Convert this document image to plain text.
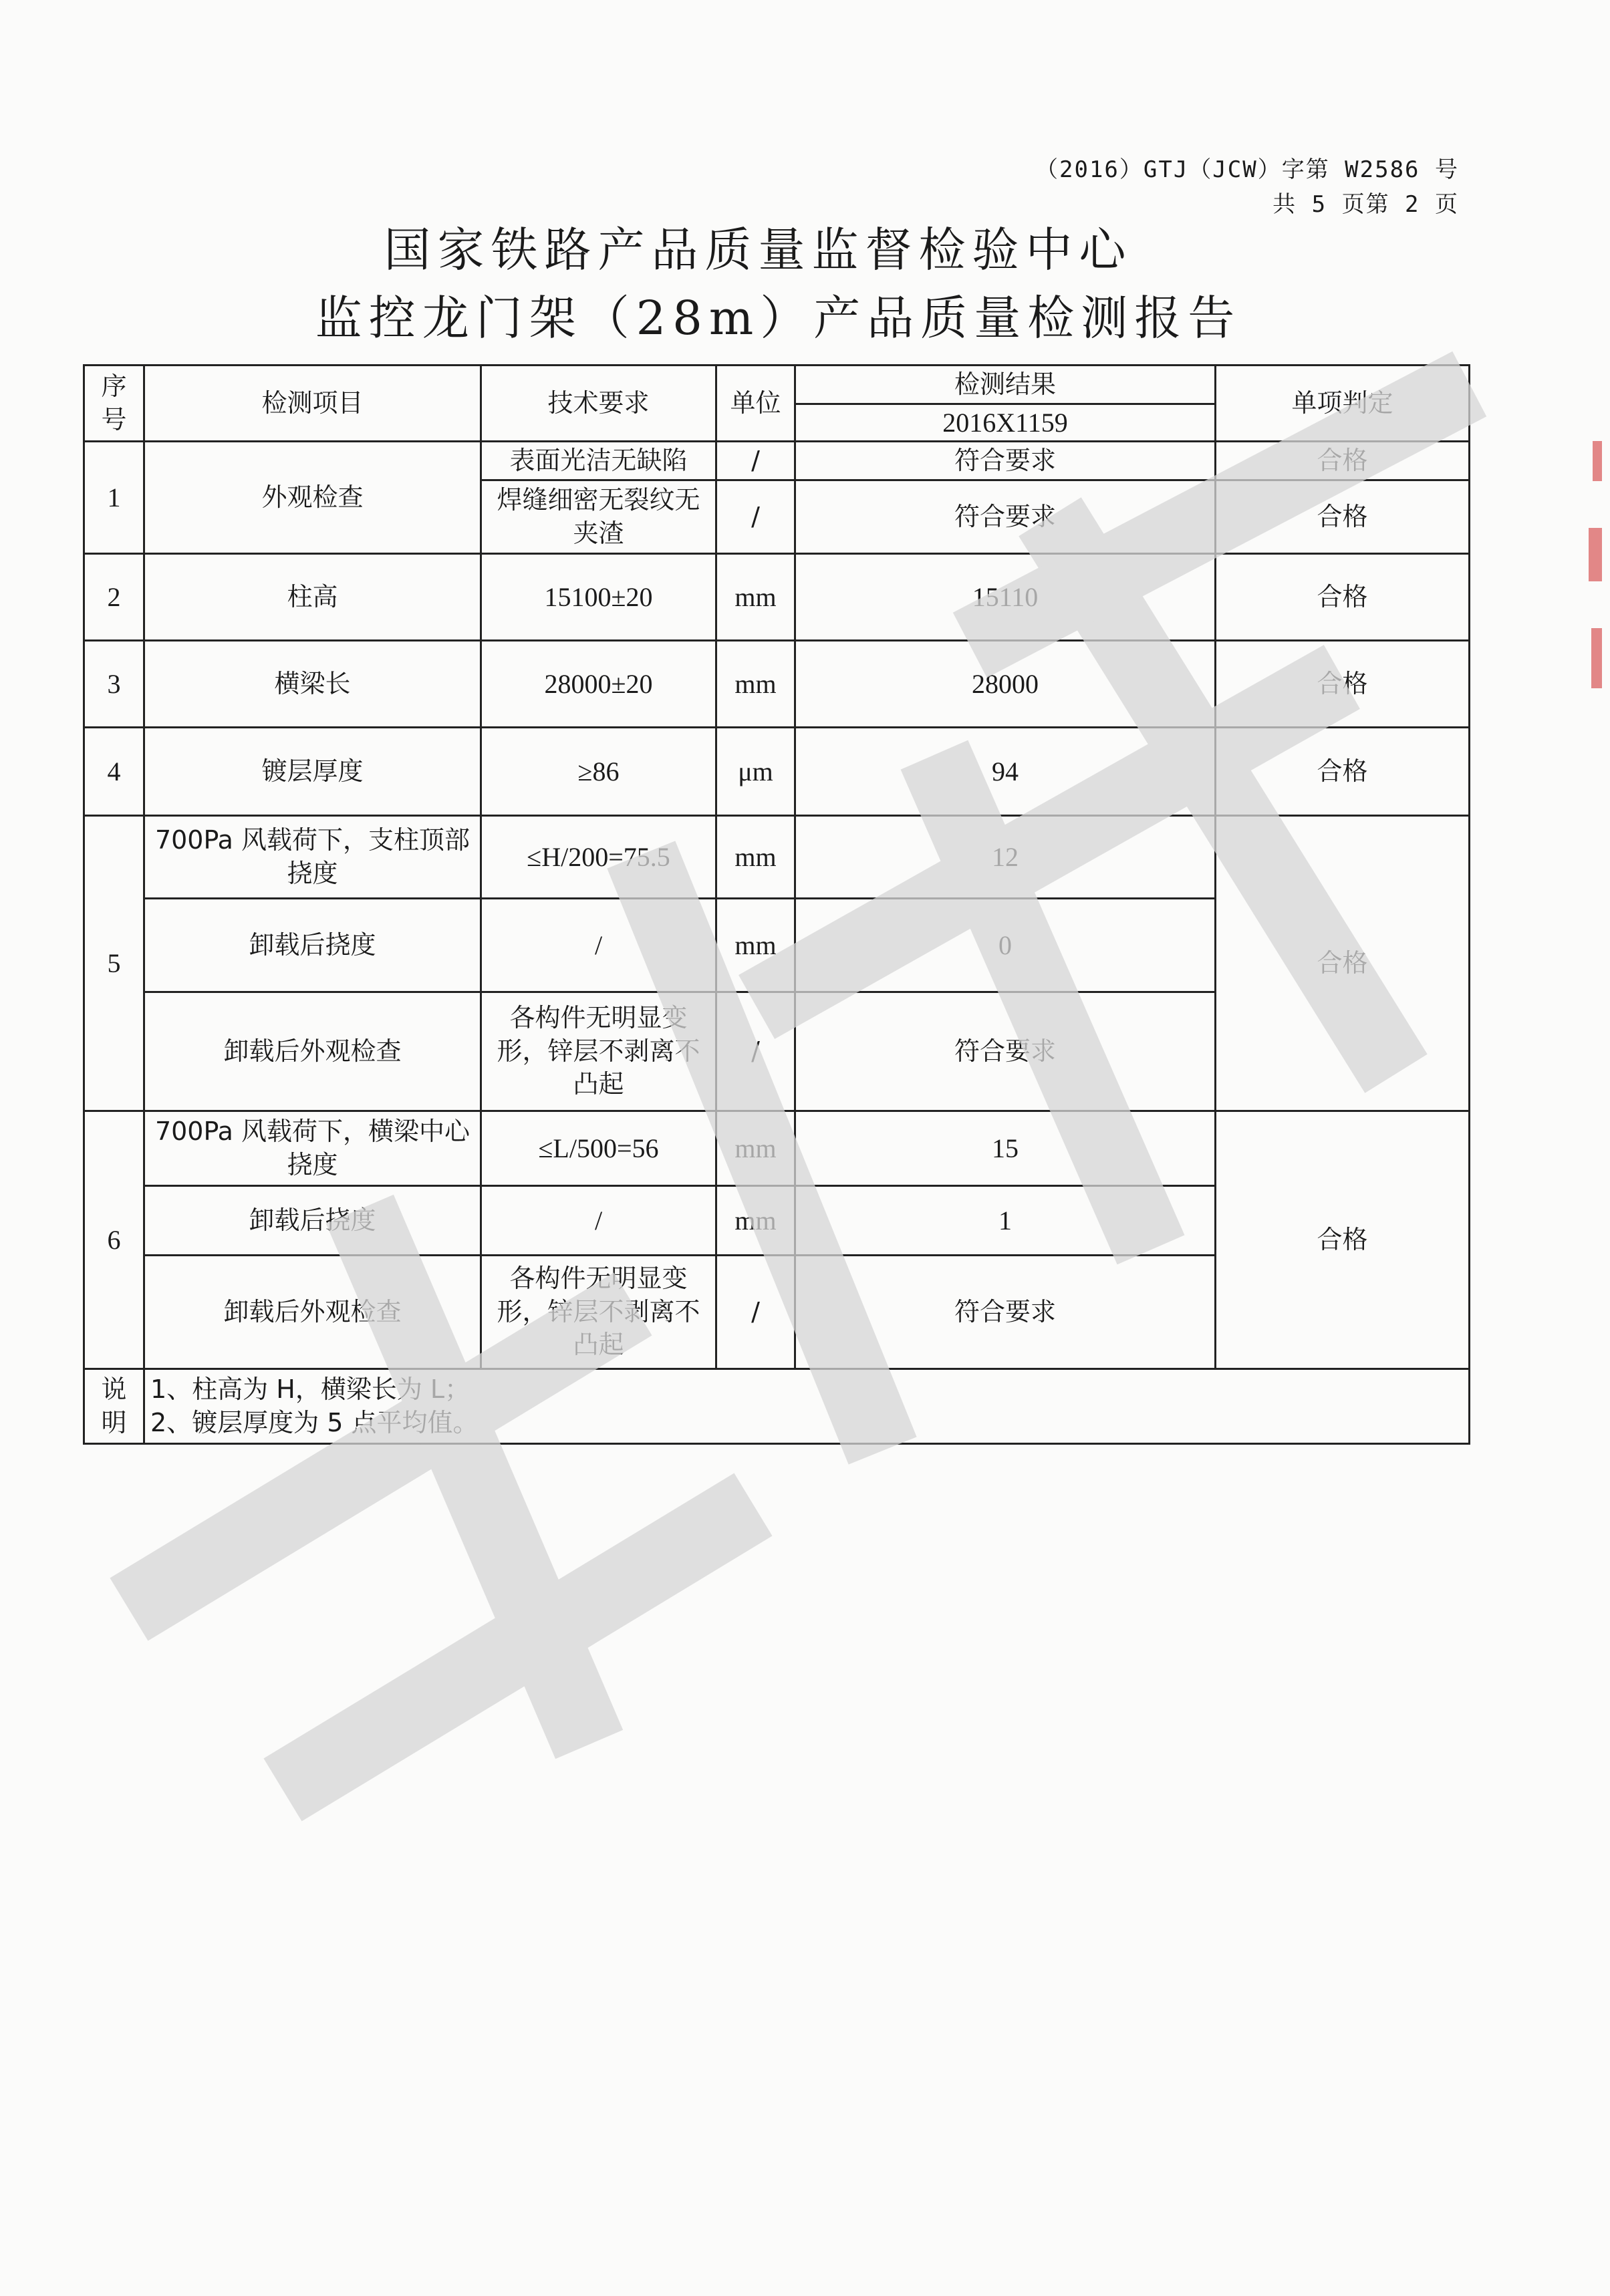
（2016）GTJ（JCW）字第 W2586 号
共 5 页第 2 页
国家铁路产品质量监督检验中心
监控龙门架（28m）产品质量检测报告
序号	检测项目	技术要求	单位	检测结果	单项判定
				2016X1159	
1	外观检查	表面光洁无缺陷	/	符合要求	合格
		焊缝细密无裂纹无夹渣	/	符合要求	合格
2	柱高	15100±20	mm	15110	合格
3	横梁长	28000±20	mm	28000	合格
4	镀层厚度	≥86	μm	94	合格
5	700Pa 风载荷下，支柱顶部挠度	≤H/200=75.5	mm	12	合格
	卸载后挠度	/	mm	0	
	卸载后外观检查	各构件无明显变形，锌层不剥离不凸起	/	符合要求	
6	700Pa 风载荷下，横梁中心挠度	≤L/500=56	mm	15	合格
	卸载后挠度	/	mm	1	
	卸载后外观检查	各构件无明显变形，锌层不剥离不凸起	/	符合要求	
说明	1、柱高为 H，横梁长为 L；
2、镀层厚度为 5 点平均值。				
